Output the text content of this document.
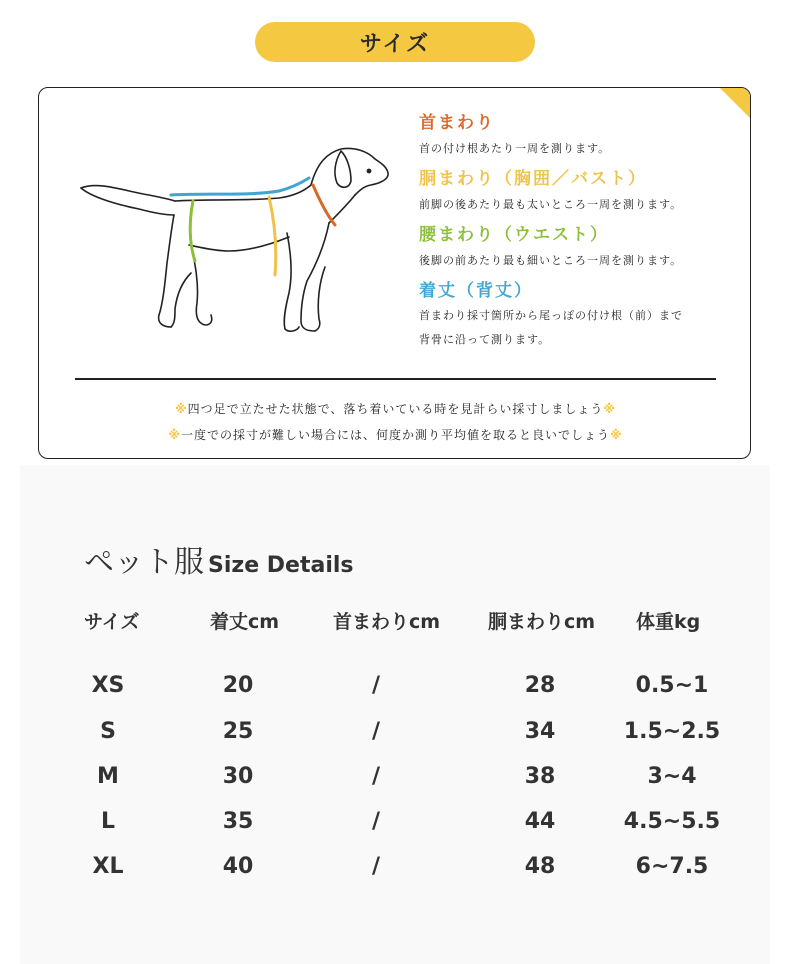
サイズ
首まわり
首の付け根あたり一周を測ります。
胴まわり（胸囲／バスト）
前脚の後あたり最も太いところ一周を測ります。
腰まわり（ウエスト）
後脚の前あたり最も細いところ一周を測ります。
着丈（背丈）
首まわり採寸箇所から尾っぽの付け根（前）まで
背骨に沿って測ります。
※四つ足で立たせた状態で、落ち着いている時を見計らい採寸しましょう※
※一度での採寸が難しい場合には、何度か測り平均値を取ると良いでしょう※
ペット服 Size Details
サイズ	着丈cm	首まわりcm	胴まわりcm 体重kg
XS	20	/	28	0.5~1
S	25	/	34	1.5~2.5
M	30	/	38	3~4
L	35	/	44	4.5~5.5
XL	40	/	48	6~7.5
